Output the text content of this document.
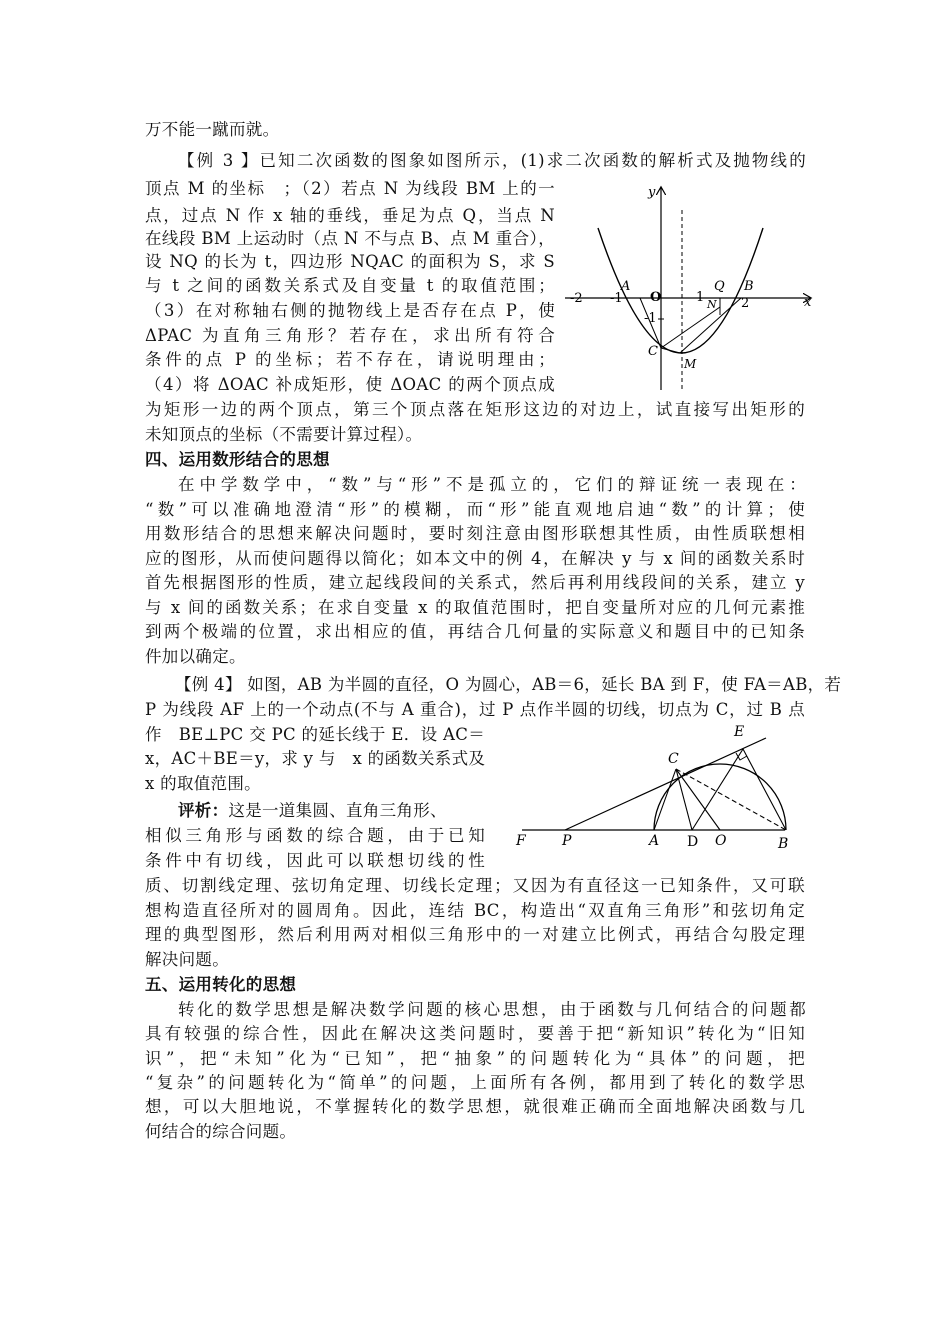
万不能一蹴而就。
【例 3 】已知二次函数的图象如图所示，(1)求二次函数的解析式及抛物线的
顶点 M 的坐标　；（2）若点 N 为线段 BM 上的一
点，过点 N 作 x 轴的垂线，垂足为点 Q，当点 N
在线段 BM 上运动时（点 N 不与点 B、点 M 重合），
设 NQ 的长为 t，四边形 NQAC 的面积为 S，求 S
与 t 之间的函数关系式及自变量 t 的取值范围；
（3）在对称轴右侧的抛物线上是否存在点 P，使
ΔPAC 为直角三角形？若存在，求出所有符合
条件的点 P 的坐标；若不存在，请说明理由；
（4）将 ΔOAC 补成矩形，使 ΔOAC 的两个顶点成
为矩形一边的两个顶点，第三个顶点落在矩形这边的对边上，试直接写出矩形的
未知顶点的坐标（不需要计算过程）。
四、运用数形结合的思想
在中学数学中，“数”与“形”不是孤立的，它们的辩证统一表现在：
“数”可以准确地澄清“形”的模糊，而“形”能直观地启迪“数”的计算；使
用数形结合的思想来解决问题时，要时刻注意由图形联想其性质，由性质联想相
应的图形，从而使问题得以简化；如本文中的例 4，在解决 y 与 x 间的函数关系时
首先根据图形的性质，建立起线段间的关系式，然后再利用线段间的关系，建立 y
与 x 间的函数关系；在求自变量 x 的取值范围时，把自变量所对应的几何元素推
到两个极端的位置，求出相应的值，再结合几何量的实际意义和题目中的已知条
件加以确定。
【例 4】 如图，AB 为半圆的直径，O 为圆心，AB＝6，延长 BA 到 F，使 FA＝AB，若
P 为线段 AF 上的一个动点(不与 A 重合)，过 P 点作半圆的切线，切点为 C，过 B 点
作　BE⊥PC 交 PC 的延长线于 E．设 AC＝
x，AC＋BE＝y，求 y 与　x 的函数关系式及
x 的取值范围。
评析：这是一道集圆、直角三角形、
相似三角形与函数的综合题，由于已知
条件中有切线，因此可以联想切线的性
质、切割线定理、弦切角定理、切线长定理；又因为有直径这一已知条件，又可联
想构造直径所对的圆周角。因此，连结 BC，构造出“双直角三角形”和弦切角定
理的典型图形，然后利用两对相似三角形中的一对建立比例式，再结合勾股定理
解决问题。
五、运用转化的思想
转化的数学思想是解决数学问题的核心思想，由于函数与几何结合的问题都
具有较强的综合性，因此在解决这类问题时，要善于把“新知识”转化为“旧知
识”，把“未知”化为“已知”，把“抽象”的问题转化为“具体”的问题，把
“复杂”的问题转化为“简单”的问题，上面所有各例，都用到了转化的数学思
想，可以大胆地说，不掌握转化的数学思想，就很难正确而全面地解决函数与几
何结合的综合问题。
y
x
-2 -1 O	1	2
-1
A	B
Q
N
C
M
E
C
F	P	A D O	B
